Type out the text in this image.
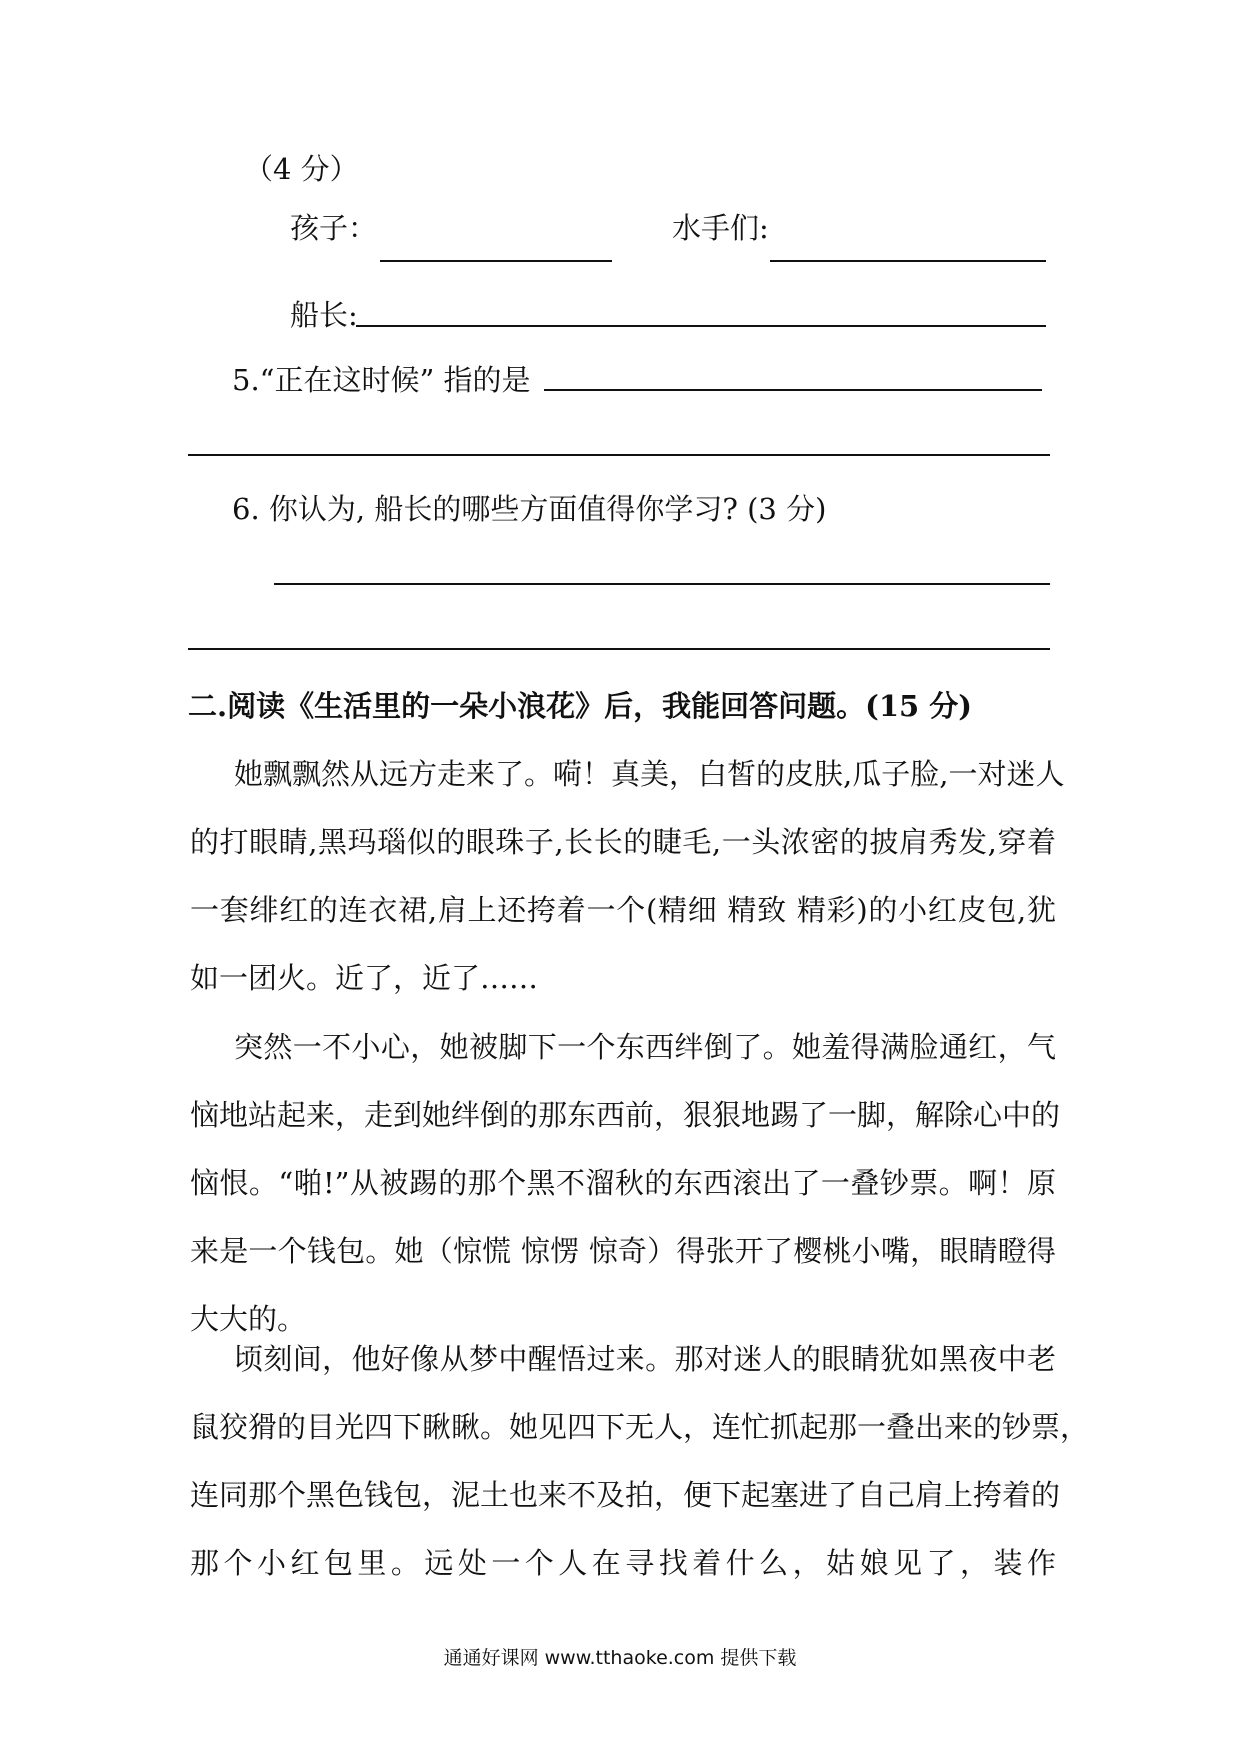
（4 分）
孩子：	水手们:
船长:
5.“正在这时候” 指的是
6. 你认为, 船长的哪些方面值得你学习? (3 分)
二.阅读《生活里的一朵小浪花》后，我能回答问题。(15 分)
她飘飘然从远方走来了。嗬！真美，白皙的皮肤,瓜子脸,一对迷人
的打眼睛,黑玛瑙似的眼珠子,长长的睫毛,一头浓密的披肩秀发,穿着
一套绯红的连衣裙,肩上还挎着一个(精细 精致 精彩)的小红皮包,犹
如一团火。近了，近了……
突然一不小心，她被脚下一个东西绊倒了。她羞得满脸通红，气
恼地站起来，走到她绊倒的那东西前，狠狠地踢了一脚，解除心中的
恼恨。“啪!”从被踢的那个黑不溜秋的东西滚出了一叠钞票。啊！原
来是一个钱包。她（惊慌 惊愣 惊奇）得张开了樱桃小嘴，眼睛瞪得
大大的。
顷刻间，他好像从梦中醒悟过来。那对迷人的眼睛犹如黑夜中老
鼠狡猾的目光四下瞅瞅。她见四下无人，连忙抓起那一叠出来的钞票，
连同那个黑色钱包，泥土也来不及拍，便下起塞进了自己肩上挎着的
那个小红包里。远处一个人在寻找着什么，姑娘见了，装作
通通好课网 www.tthaoke.com 提供下载
